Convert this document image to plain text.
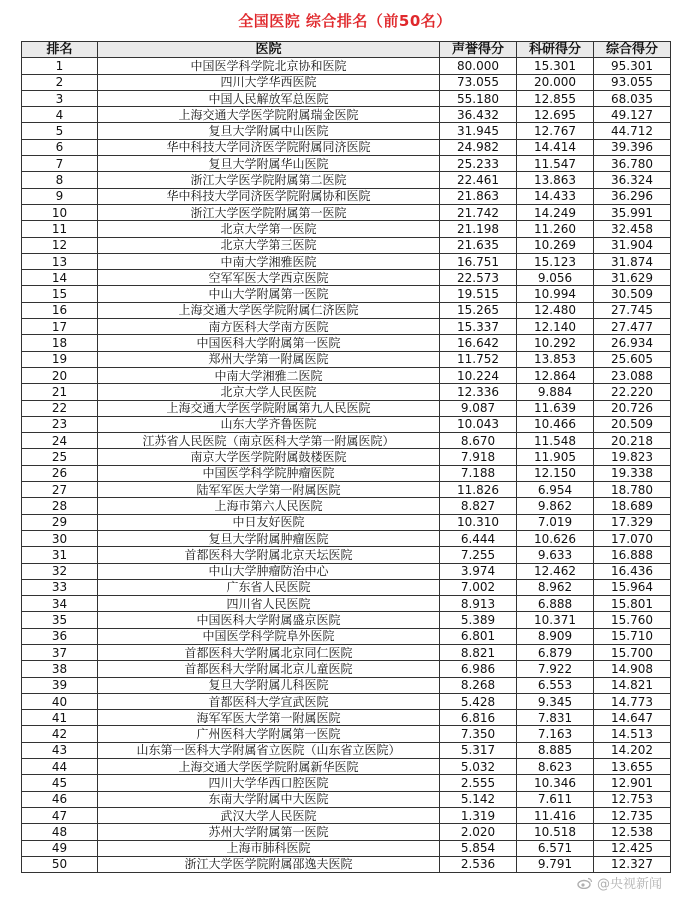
全国医院 综合排名（前50名）
排名	医院	声誉得分	科研得分	综合得分
1	中国医学科学院北京协和医院	80.000	15.301	95.301
2	四川大学华西医院	73.055	20.000	93.055
3	中国人民解放军总医院	55.180	12.855	68.035
4	上海交通大学医学院附属瑞金医院	36.432	12.695	49.127
5	复旦大学附属中山医院	31.945	12.767	44.712
6	华中科技大学同济医学院附属同济医院	24.982	14.414	39.396
7	复旦大学附属华山医院	25.233	11.547	36.780
8	浙江大学医学院附属第二医院	22.461	13.863	36.324
9	华中科技大学同济医学院附属协和医院	21.863	14.433	36.296
10	浙江大学医学院附属第一医院	21.742	14.249	35.991
11	北京大学第一医院	21.198	11.260	32.458
12	北京大学第三医院	21.635	10.269	31.904
13	中南大学湘雅医院	16.751	15.123	31.874
14	空军军医大学西京医院	22.573	9.056	31.629
15	中山大学附属第一医院	19.515	10.994	30.509
16	上海交通大学医学院附属仁济医院	15.265	12.480	27.745
17	南方医科大学南方医院	15.337	12.140	27.477
18	中国医科大学附属第一医院	16.642	10.292	26.934
19	郑州大学第一附属医院	11.752	13.853	25.605
20	中南大学湘雅二医院	10.224	12.864	23.088
21	北京大学人民医院	12.336	9.884	22.220
22	上海交通大学医学院附属第九人民医院	9.087	11.639	20.726
23	山东大学齐鲁医院	10.043	10.466	20.509
24	江苏省人民医院（南京医科大学第一附属医院）	8.670	11.548	20.218
25	南京大学医学院附属鼓楼医院	7.918	11.905	19.823
26	中国医学科学院肿瘤医院	7.188	12.150	19.338
27	陆军军医大学第一附属医院	11.826	6.954	18.780
28	上海市第六人民医院	8.827	9.862	18.689
29	中日友好医院	10.310	7.019	17.329
30	复旦大学附属肿瘤医院	6.444	10.626	17.070
31	首都医科大学附属北京天坛医院	7.255	9.633	16.888
32	中山大学肿瘤防治中心	3.974	12.462	16.436
33	广东省人民医院	7.002	8.962	15.964
34	四川省人民医院	8.913	6.888	15.801
35	中国医科大学附属盛京医院	5.389	10.371	15.760
36	中国医学科学院阜外医院	6.801	8.909	15.710
37	首都医科大学附属北京同仁医院	8.821	6.879	15.700
38	首都医科大学附属北京儿童医院	6.986	7.922	14.908
39	复旦大学附属儿科医院	8.268	6.553	14.821
40	首都医科大学宣武医院	5.428	9.345	14.773
41	海军军医大学第一附属医院	6.816	7.831	14.647
42	广州医科大学附属第一医院	7.350	7.163	14.513
43	山东第一医科大学附属省立医院（山东省立医院）	5.317	8.885	14.202
44	上海交通大学医学院附属新华医院	5.032	8.623	13.655
45	四川大学华西口腔医院	2.555	10.346	12.901
46	东南大学附属中大医院	5.142	7.611	12.753
47	武汉大学人民医院	1.319	11.416	12.735
48	苏州大学附属第一医院	2.020	10.518	12.538
49	上海市肺科医院	5.854	6.571	12.425
50	浙江大学医学院附属邵逸夫医院	2.536	9.791	12.327
@央视新闻
